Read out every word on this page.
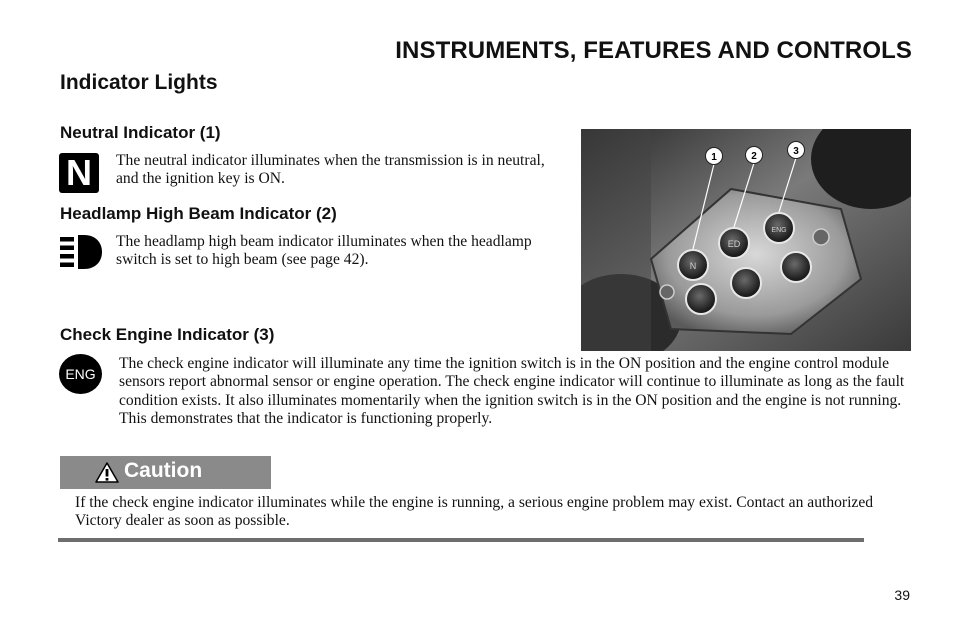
INSTRUMENTS, FEATURES AND CONTROLS
Indicator Lights
Neutral Indicator (1)
N	The neutral indicator illuminates when the transmission is in neutral, and the ignition key is ON.
Headlamp High Beam Indicator (2)
The headlamp high beam indicator illuminates when the headlamp switch is set to high beam (see page 42).	N
ED
ENG
1	2	3
Check Engine Indicator (3)
ENG
The check engine indicator will illuminate any time the ignition switch is in the ON position and the engine control module sensors report abnormal sensor or engine operation. The check engine indicator will continue to illuminate as long as the fault condition exists. It also illuminates momentarily when the ignition switch is in the ON position and the engine is not running. This demonstrates that the indicator is functioning properly.
Caution
If the check engine indicator illuminates while the engine is running, a serious engine problem may exist. Contact an authorized Victory dealer as soon as possible.
39
